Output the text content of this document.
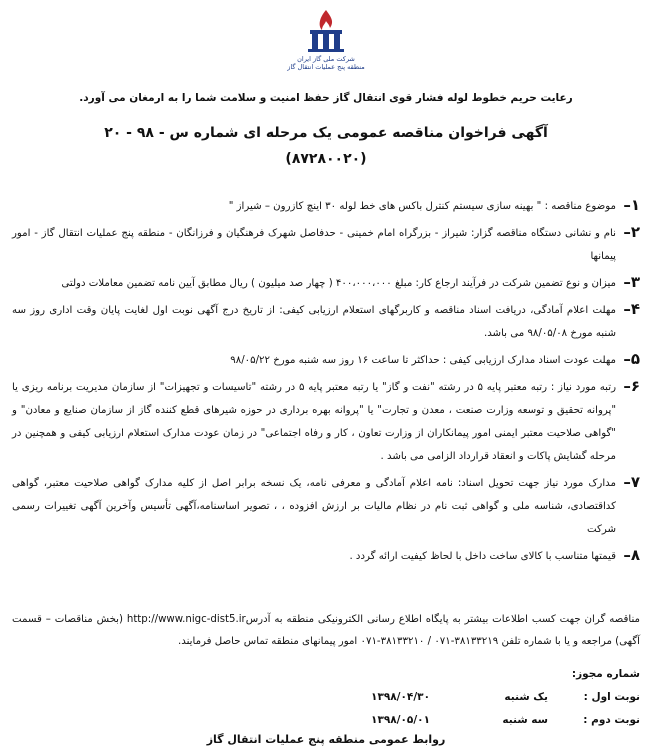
شرکت ملی گاز ایران
منطقه پنج عملیات انتقال گاز
رعایت حریم خطوط لوله فشار قوی انتقال گاز حفظ امنیت و سلامت شما را به ارمغان می آورد.
آگهی فراخوان مناقصه عمومی یک مرحله ای شماره س - ۹۸ - ۲۰
(۸۷۲۸۰۰۲۰)
۱–
موضوع مناقصه : " بهینه سازی سیستم کنترل باکس های خط لوله ۳۰ اینچ کازرون – شیراز "
۲–
نام و نشانی دستگاه مناقصه گزار: شیراز - بزرگراه امام خمینی - حدفاصل شهرک فرهنگیان و فرزانگان - منطقه پنج عملیات انتقال گاز - امور پیمانها
۳–
میزان و نوع تضمین شرکت در فرآیند ارجاع کار: مبلغ ۴۰۰،۰۰۰،۰۰۰ ( چهار صد میلیون ) ریال مطابق آیین نامه تضمین معاملات دولتی
۴–
مهلت اعلام آمادگی، دریافت اسناد مناقصه و کاربرگهای استعلام ارزیابی کیفی: از تاریخ درج آگهی نوبت اول لغایت پایان وقت اداری روز سه شنبه مورخ ۹۸/۰۵/۰۸ می باشد.
۵–
مهلت عودت اسناد مدارک ارزیابی کیفی : حداکثر تا ساعت ۱۶ روز سه شنبه مورخ ۹۸/۰۵/۲۲
۶–
رتبه مورد نیاز : رتبه معتبر پایه ۵ در رشته "نفت و گاز" یا رتبه معتبر پایه ۵ در رشته "تاسیسات و تجهیزات" از سازمان مدیریت برنامه ریزی یا "پروانه تحقیق و توسعه وزارت صنعت ، معدن و تجارت" یا "پروانه بهره برداری در حوزه شیرهای قطع کننده گاز از سازمان صنایع و معادن" و "گواهی صلاحیت معتبر ایمنی امور پیمانکاران از وزارت تعاون ، کار و رفاه اجتماعی" در زمان عودت مدارک استعلام ارزیابی کیفی و همچنین در مرحله گشایش پاکات و انعقاد قرارداد الزامی می باشد .
۷–
مدارک مورد نیاز جهت تحویل اسناد: نامه اعلام آمادگی و معرفی نامه، یک نسخه برابر اصل از کلیه مدارک گواهی صلاحیت معتبر، گواهی کداقتصادی، شناسه ملی و گواهی ثبت نام در نظام مالیات بر ارزش افزوده ، ، تصویر اساسنامه،آگهی تأسیس وآخرین آگهی تغییرات رسمی شرکت
۸–
قیمتها متناسب با کالای ساخت داخل با لحاظ کیفیت ارائه گردد .
مناقصه گران جهت کسب اطلاعات بیشتر به پایگاه اطلاع رسانی الکترونیکی منطقه به آدرسhttp://www.nigc-dist5.ir (بخش مناقصات – قسمت آگهی) مراجعه و یا با شماره تلفن ۳۸۱۳۳۲۱۹-۰۷۱ / ۳۸۱۳۳۲۱۰-۰۷۱ امور پیمانهای منطقه تماس حاصل فرمایند.
شماره مجوز:
نوبت اول :
یک شنبه
۱۳۹۸/۰۴/۳۰
نوبت دوم :
سه شنبه
۱۳۹۸/۰۵/۰۱
روابط عمومی منطقه پنج عملیات انتقال گاز
